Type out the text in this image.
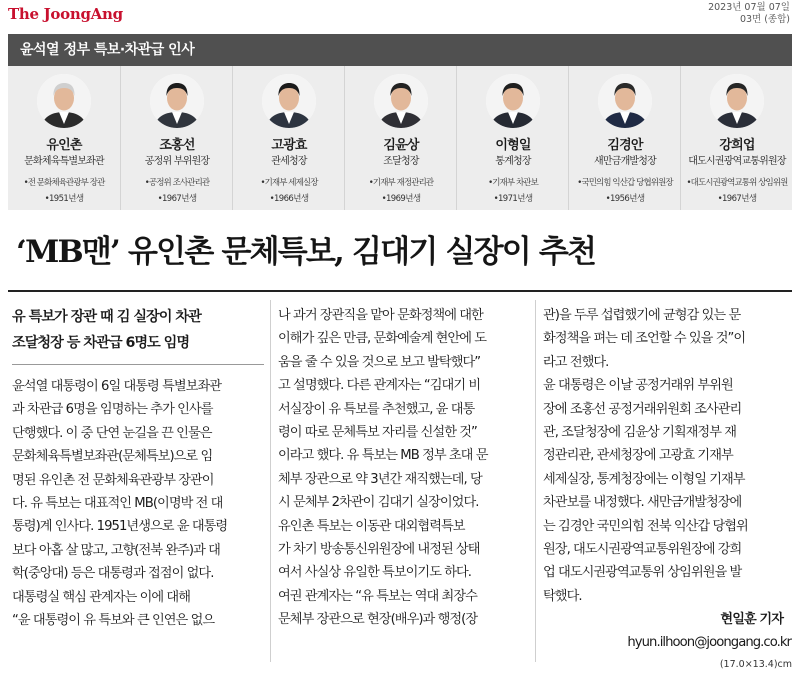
The JoongAng	2023년 07월 07일
03면 (종합)
윤석열 정부 특보·차관급 인사
유인촌
문화체육특별보좌관
•전 문화체육관광부 장관
•1951년생
조홍선
공정위 부위원장
•공정위 조사관리관
•1967년생
고광효
관세청장
•기재부 세제실장
•1966년생
김윤상
조달청장
•기재부 재정관리관
•1969년생
이형일
통계청장
•기재부 차관보
•1971년생
김경안
새만금개발청장
•국민의힘 익산갑 당협위원장
•1956년생
강희업
대도시권광역교통위원장
•대도시권광역교통위 상임위원
•1967년생
‘MB맨’ 유인촌 문체특보, 김대기 실장이 추천

유 특보가 장관 때 김 실장이 차관

조달청장 등 차관급 6명도 임명

윤석열 대통령이 6일 대통령 특별보좌관

과 차관급 6명을 임명하는 추가 인사를

단행했다. 이 중 단연 눈길을 끈 인물은

문화체육특별보좌관(문체특보)으로 임

명된 유인촌 전 문화체육관광부 장관이

다. 유 특보는 대표적인 MB(이명박 전 대

통령)계 인사다. 1951년생으로 윤 대통령

보다 아홉 살 많고, 고향(전북 완주)과 대

학(중앙대) 등은 대통령과 접점이 없다.

대통령실 핵심 관계자는 이에 대해

“윤 대통령이 유 특보와 큰 인연은 없으

나 과거 장관직을 맡아 문화정책에 대한

이해가 깊은 만큼, 문화예술계 현안에 도

움을 줄 수 있을 것으로 보고 발탁했다”

고 설명했다. 다른 관계자는 “김대기 비

서실장이 유 특보를 추천했고, 윤 대통

령이 따로 문체특보 자리를 신설한 것”

이라고 했다. 유 특보는 MB 정부 초대 문

체부 장관으로 약 3년간 재직했는데, 당

시 문체부 2차관이 김대기 실장이었다.

유인촌 특보는 이동관 대외협력특보

가 차기 방송통신위원장에 내정된 상태

여서 사실상 유일한 특보이기도 하다.

여권 관계자는 “유 특보는 역대 최장수

문체부 장관으로 현장(배우)과 행정(장

관)을 두루 섭렵했기에 균형감 있는 문

화정책을 펴는 데 조언할 수 있을 것”이

라고 전했다.

윤 대통령은 이날 공정거래위 부위원

장에 조홍선 공정거래위원회 조사관리

관, 조달청장에 김윤상 기획재정부 재

정관리관, 관세청장에 고광효 기재부

세제실장, 통계청장에는 이형일 기재부

차관보를 내정했다. 새만금개발청장에

는 김경안 국민의힘 전북 익산갑 당협위

원장, 대도시권광역교통위원장에 강희

업 대도시권광역교통위 상임위원을 발

탁했다.

현일훈 기자

hyun.ilhoon@joongang.co.kr

(17.0×13.4)cm
